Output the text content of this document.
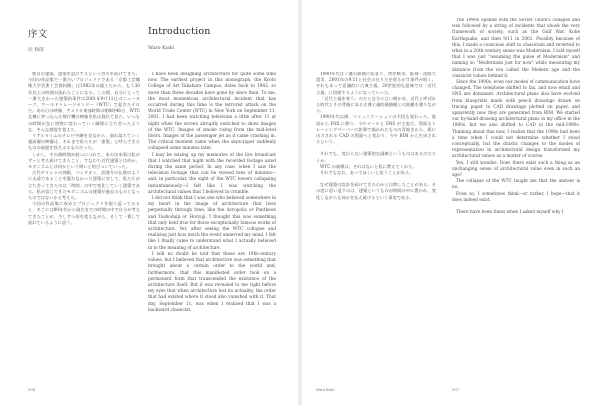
序文
岸 和郎

独自の建築、建築を設計するという営みを続けてきた。今回の作品集で一番古いプロジェクトである「京都工芸繊維大学美術工芸資料館」は1982年の竣工だから、もう30年以上の時間が流れたことになる。この間、自分にとって一番大きかった建築的事件は2001年9月11日のニューヨーク、ワールドトレードセンター（WTC）で起きたテロだ。あの日の映像、アメリカ東部時間の朝8時46分、WTC北棟に突っ込んだ飛行機の映像を私は遅れて見た。いつもの時間が急に別物に変わっていく瞬間に立ち会ったような、そんな感覚を覚えた。

リアルタイムのテレビ中継を見ながら、崩れ落ちていく超高層の映像は、それまで私たちが「建築」と呼んできたものの前提を揺さぶるものだった。

しかし、その後時間が経つにつれて、あの出来事は私がずっと考え続けてきたこと、すなわち近代建築とは何か、モダニズムとは何かという問いと結びついていった。

古代ギリシャの神殿、パンテオン、法隆寺の仏塔のように永遠であることを疑わなかった建築に対して、私たちが立ち会ってきたのは「時間」の中で変化していく建築である。私が信じてきたモダニズムの建築が過去のものとなったのではないかと考えた。

今回の作品集に収めたプロジェクトを振り返ってみると、そこには80年代から現在までの時間の中で自分が考えてきたことが、少しずつ形を変えながら、そして一貫して流れているように思う。

Introduction
Waro Kishi

I have been designing architecture for quite some time now. The earliest project in this monograph, the Kyoto College of Art Takahara Campus, dates back to 1982, so more than three decades have gone by since then. To me, the most momentous architectural incident that has occurred during this time is the terrorist attack on the World Trade Center (WTC) in New York on September 11, 2001. I had been watching television a little after 11 at night when the screen abruptly switched to show images of the WTC. Images of smoke rising from the mid-level floors. Images of the passenger jet as it came crashing in. The critical moment came when the skyscraper suddenly collapsed some minutes later.

I may be mixing up my memories of the live broadcast that I watched that night with the recorded footage aired during the same period. In any case, when I saw the television footage that can be viewed tens of minutes—and, in particular, the sight of the WTC towers collapsing instantaneously—I felt like I was watching the architectural values that I believed in crumble.

I did not think that I was one who believed somewhere in my heart in the image of architecture that lives perpetually through time, like the Acropolis or Pantheon and Toshodaiji or Horyuji. I thought this was something that only held true for those exceptionally famous works of architecture. Yet, after seeing the WTC collapse and realizing just how much the event unnerved my mind, I felt like I finally came to understand what I actually believed in to the meaning of architecture.

I will no doubt be told that these are 19th-century values, but I believed that architecture was something that brought about a certain order to the world and, furthermore, that this manifested order took on a permanent form that transcended the existence of the architecture itself. But it was revealed to me right before my eyes that when architecture lost its actuality, the order that had existed where it stood also vanished with it. That day, September 11, was when I realized that I was a backward classicist.

006

1990年代はソ連の崩壊に始まり、湾岸戦争、阪神・淡路大震災、2001年の9.11と社会の在り方を揺るがす事件が続く。それもあって意識的に古典主義、20世紀的な意味では「近代主義」に回帰するようになっていった。

「近代主義を装う」のだと自分に言い聞かせ、近代と呼ばれる時代とその背後にある古典主義的価値観との距離を測りながら。

1990年代以降、コミュニケーションの手段も変わった。電話から FAX に移り、今やメールと SNS が主流だ。図面もトレーシングペーパーに鉛筆で描かれたものの青焼きから、紙に出力される CAD の図面へと変わり、今や BIM から生成されるという。

それでも、変わらない建築的な価値というものはあるのだろうか。

WTC の崩壊は、それはないと私に教えてくれた。

それでもなお、あってほしいと思うことがある。

なぜ建築の設計を続けてきたのかと自問したことがある。その度に思い返すのは、建築というものが時間の中に置かれ、変化しながらも何かを伝え続けるという事実である。

The 1990s opened with the Soviet Union's collapse and was followed by a string of incidents that shook the very framework of society, such as the Gulf War, Kobe Earthquake, and then 9/11 in 2001. Possibly because of this, I made a conscious shift to classicism and reverted to what in a 20th-century sense was Modernism. I told myself that I was just "assuming the guise of Modernism" and naming so "Modernism just for now" while measuring my distance from the era called the Modern age and the classicist values behind it.

Since the 1990s, even our modes of communication have changed. The telephone shifted to fax, and now email and SNS are dominant. Architectural plans also have evolved from blueprints made with pencil drawings drawn on tracing paper to CAD drawings plotted on paper, and apparently now they are generated from BIM. We started our by-hand-drawing architectural plans in my office in the 1980s, but we also shifted to CAD in the mid-1990s. Thinking about this now, I realize that the 1990s had been a time when I could not determine whether I stood conceptually, but the drastic changes to the modes of representation in architectural design transformed my architectural values as a matter of course.

Yes, I still wonder: Does there exist such a thing as an unchanging sense of architectural value even in such an age?

The collapse of the WTC taught me that the answer is no.

Even so, I sometimes think—or rather, I hope—that it does indeed exist.

There have been times when I asked myself why I

Waro Kishi	007
